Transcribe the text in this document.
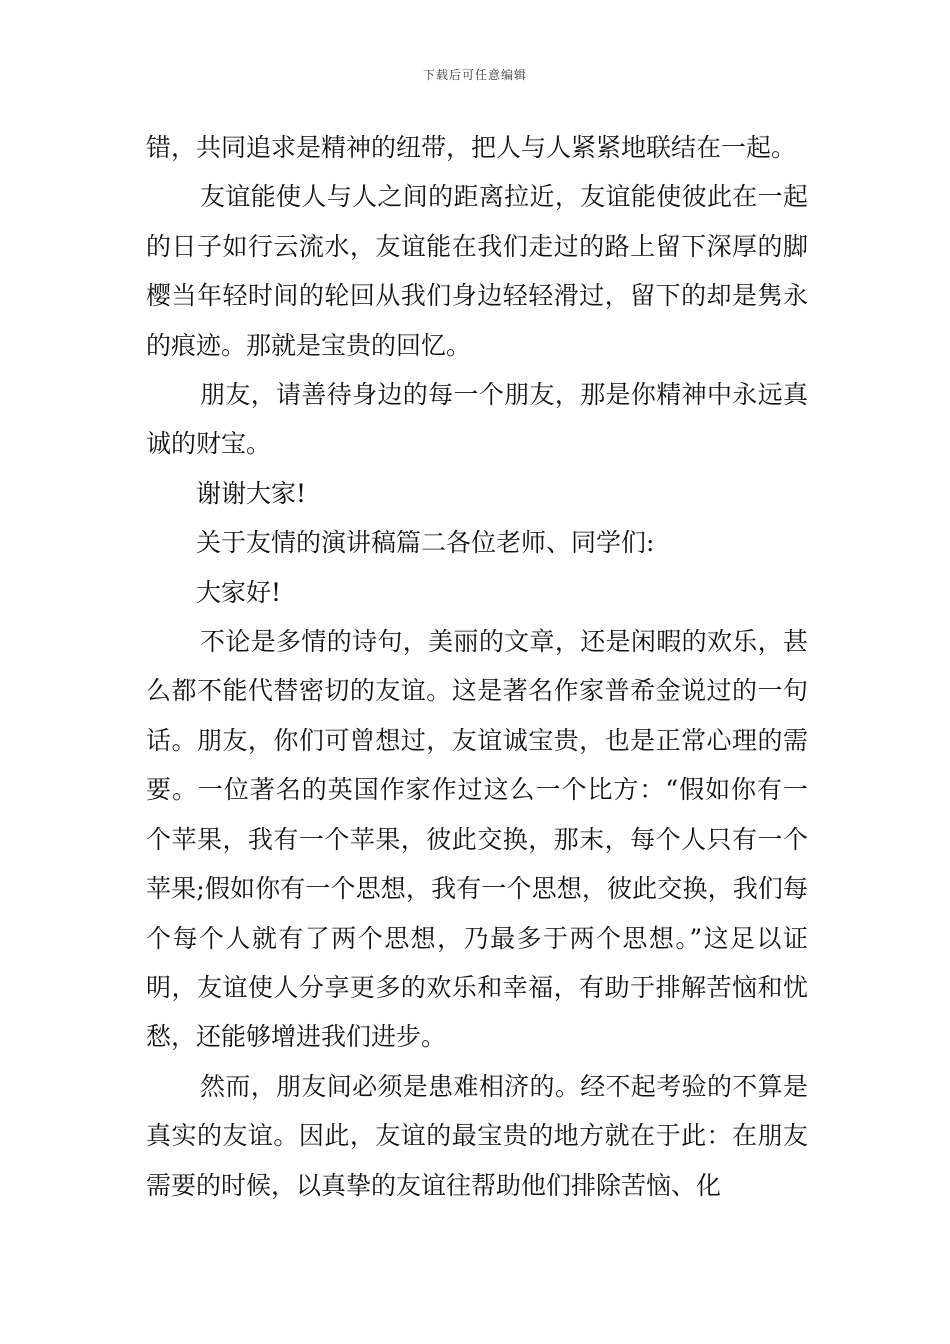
下载后可任意编辑

错，共同追求是精神的纽带，把人与人紧紧地联结在一起。

友谊能使人与人之间的距离拉近，友谊能使彼此在一起的日子如行云流水，友谊能在我们走过的路上留下深厚的脚樱当年轻时间的轮回从我们身边轻轻滑过，留下的却是隽永的痕迹。那就是宝贵的回忆。

朋友，请善待身边的每一个朋友，那是你精神中永远真诚的财宝。

谢谢大家!

关于友情的演讲稿篇二各位老师、同学们:

大家好!

不论是多情的诗句，美丽的文章，还是闲暇的欢乐，甚么都不能代替密切的友谊。这是著名作家普希金说过的一句话。朋友，你们可曾想过，友谊诚宝贵，也是正常心理的需要。一位著名的英国作家作过这么一个比方：“假如你有一个苹果，我有一个苹果，彼此交换，那末，每个人只有一个苹果;假如你有一个思想，我有一个思想，彼此交换，我们每个每个人就有了两个思想，乃最多于两个思想。”这足以证明，友谊使人分享更多的欢乐和幸福，有助于排解苦恼和忧愁，还能够增进我们进步。

然而，朋友间必须是患难相济的。经不起考验的不算是真实的友谊。因此，友谊的最宝贵的地方就在于此：在朋友需要的时候，以真挚的友谊往帮助他们排除苦恼、化
